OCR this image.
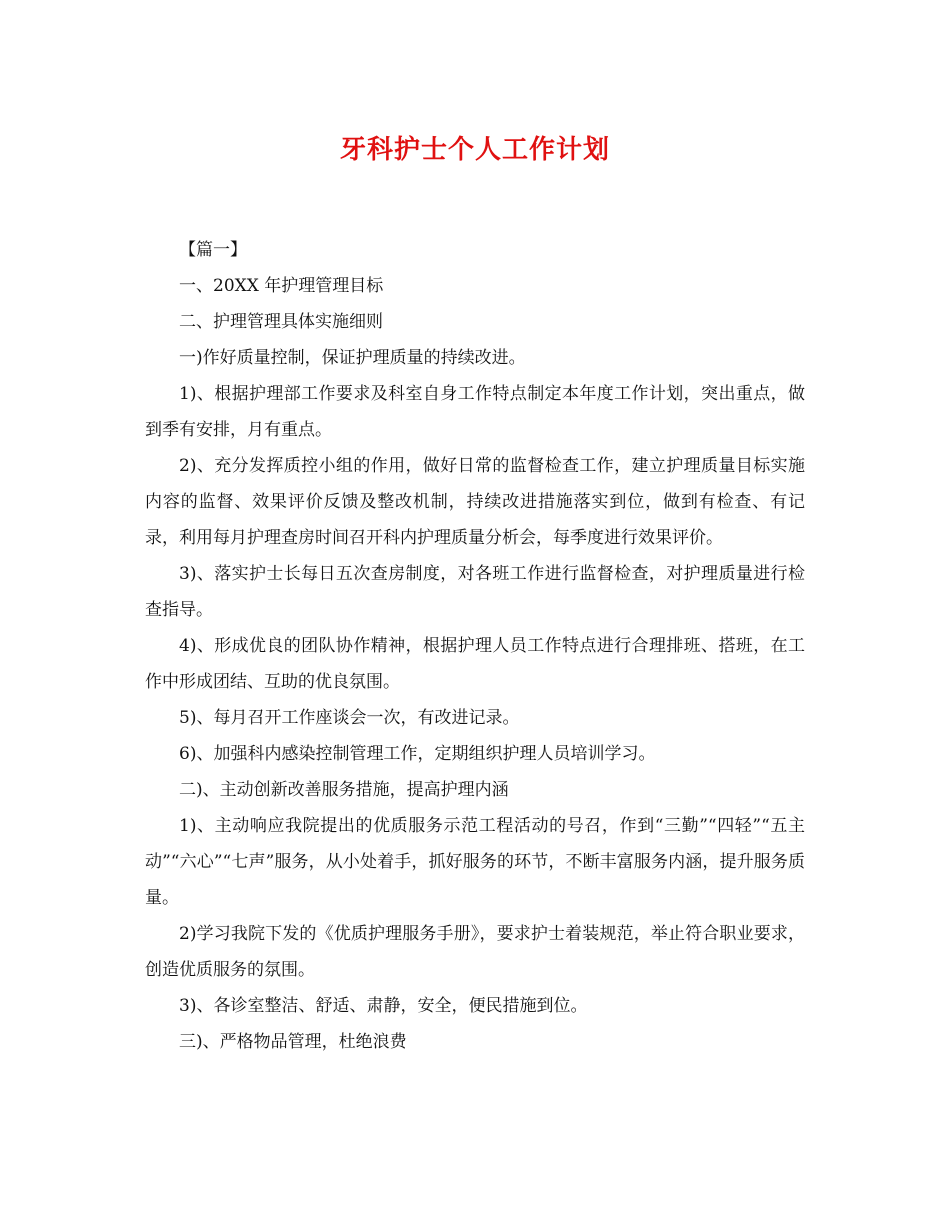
牙科护士个人工作计划

【篇一】

一、20XX 年护理管理目标

二、护理管理具体实施细则

一)作好质量控制，保证护理质量的持续改进。

1)、根据护理部工作要求及科室自身工作特点制定本年度工作计划，突出重点，做到季有安排，月有重点。

2)、充分发挥质控小组的作用，做好日常的监督检查工作，建立护理质量目标实施内容的监督、效果评价反馈及整改机制，持续改进措施落实到位，做到有检查、有记录，利用每月护理查房时间召开科内护理质量分析会，每季度进行效果评价。

3)、落实护士长每日五次查房制度，对各班工作进行监督检查，对护理质量进行检查指导。

4)、形成优良的团队协作精神，根据护理人员工作特点进行合理排班、搭班，在工作中形成团结、互助的优良氛围。

5)、每月召开工作座谈会一次，有改进记录。

6)、加强科内感染控制管理工作，定期组织护理人员培训学习。

二)、主动创新改善服务措施，提高护理内涵

1)、主动响应我院提出的优质服务示范工程活动的号召，作到“三勤”“四轻”“五主动”“六心”“七声”服务，从小处着手，抓好服务的环节，不断丰富服务内涵，提升服务质量。

2)学习我院下发的《优质护理服务手册》，要求护士着装规范，举止符合职业要求，创造优质服务的氛围。

3)、各诊室整洁、舒适、肃静，安全，便民措施到位。

三)、严格物品管理，杜绝浪费
